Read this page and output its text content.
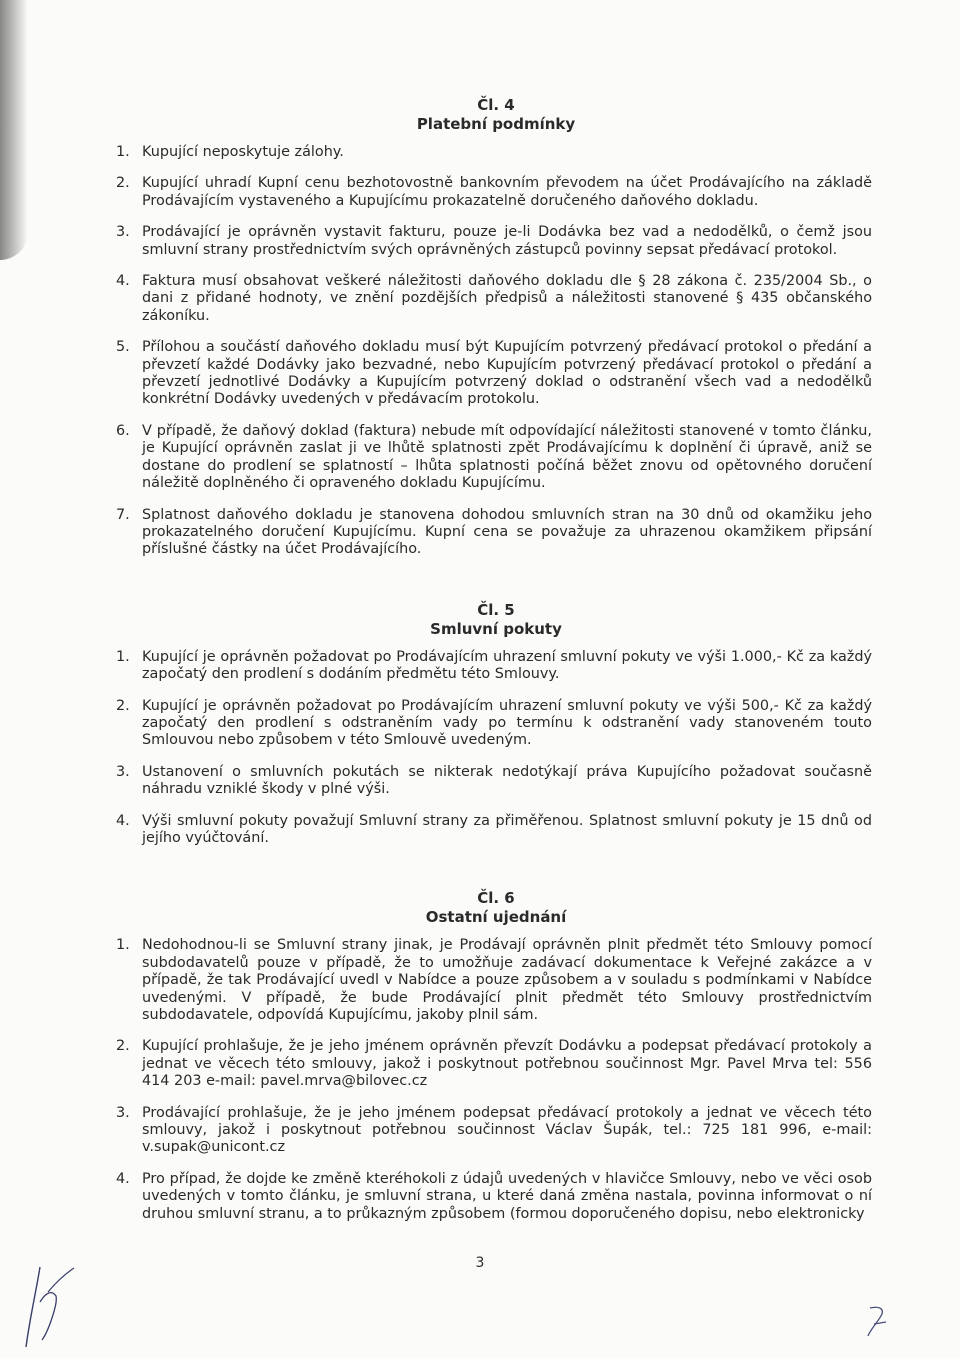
Čl. 4
Platební podmínky
1. Kupující neposkytuje zálohy.
2. Kupující uhradí Kupní cenu bezhotovostně bankovním převodem na účet Prodávajícího na základě Prodávajícím vystaveného a Kupujícímu prokazatelně doručeného daňového dokladu.
3. Prodávající je oprávněn vystavit fakturu, pouze je-li Dodávka bez vad a nedodělků, o čemž jsou smluvní strany prostřednictvím svých oprávněných zástupců povinny sepsat předávací protokol.
4. Faktura musí obsahovat veškeré náležitosti daňového dokladu dle § 28 zákona č. 235/2004 Sb., o dani z přidané hodnoty, ve znění pozdějších předpisů a náležitosti stanovené § 435 občanského zákoníku.
5. Přílohou a součástí daňového dokladu musí být Kupujícím potvrzený předávací protokol o předání a převzetí každé Dodávky jako bezvadné, nebo Kupujícím potvrzený předávací protokol o předání a převzetí jednotlivé Dodávky a Kupujícím potvrzený doklad o odstranění všech vad a nedodělků konkrétní Dodávky uvedených v předávacím protokolu.
6. V případě, že daňový doklad (faktura) nebude mít odpovídající náležitosti stanovené v tomto článku, je Kupující oprávněn zaslat ji ve lhůtě splatnosti zpět Prodávajícímu k doplnění či úpravě, aniž se dostane do prodlení se splatností – lhůta splatnosti počíná běžet znovu od opětovného doručení náležitě doplněného či opraveného dokladu Kupujícímu.
7. Splatnost daňového dokladu je stanovena dohodou smluvních stran na 30 dnů od okamžiku jeho prokazatelného doručení Kupujícímu. Kupní cena se považuje za uhrazenou okamžikem připsání příslušné částky na účet Prodávajícího.
Čl. 5
Smluvní pokuty
1. Kupující je oprávněn požadovat po Prodávajícím uhrazení smluvní pokuty ve výši 1.000,- Kč za každý započatý den prodlení s dodáním předmětu této Smlouvy.
2. Kupující je oprávněn požadovat po Prodávajícím uhrazení smluvní pokuty ve výši 500,- Kč za každý započatý den prodlení s odstraněním vady po termínu k odstranění vady stanoveném touto Smlouvou nebo způsobem v této Smlouvě uvedeným.
3. Ustanovení o smluvních pokutách se nikterak nedotýkají práva Kupujícího požadovat současně náhradu vzniklé škody v plné výši.
4. Výši smluvní pokuty považují Smluvní strany za přiměřenou. Splatnost smluvní pokuty je 15 dnů od jejího vyúčtování.
Čl. 6
Ostatní ujednání
1. Nedohodnou-li se Smluvní strany jinak, je Prodávají oprávněn plnit předmět této Smlouvy pomocí subdodavatelů pouze v případě, že to umožňuje zadávací dokumentace k Veřejné zakázce a v případě, že tak Prodávající uvedl v Nabídce a pouze způsobem a v souladu s podmínkami v Nabídce uvedenými. V případě, že bude Prodávající plnit předmět této Smlouvy prostřednictvím subdodavatele, odpovídá Kupujícímu, jakoby plnil sám.
2. Kupující prohlašuje, že je jeho jménem oprávněn převzít Dodávku a podepsat předávací protokoly a jednat ve věcech této smlouvy, jakož i poskytnout potřebnou součinnost Mgr. Pavel Mrva tel: 556 414 203 e-mail: pavel.mrva@bilovec.cz
3. Prodávající prohlašuje, že je jeho jménem podepsat předávací protokoly a jednat ve věcech této smlouvy, jakož i poskytnout potřebnou součinnost Václav Šupák, tel.: 725 181 996, e-mail: v.supak@unicont.cz
4. Pro případ, že dojde ke změně kteréhokoli z údajů uvedených v hlavičce Smlouvy, nebo ve věci osob uvedených v tomto článku, je smluvní strana, u které daná změna nastala, povinna informovat o ní druhou smluvní stranu, a to průkazným způsobem (formou doporučeného dopisu, nebo elektronicky
3
